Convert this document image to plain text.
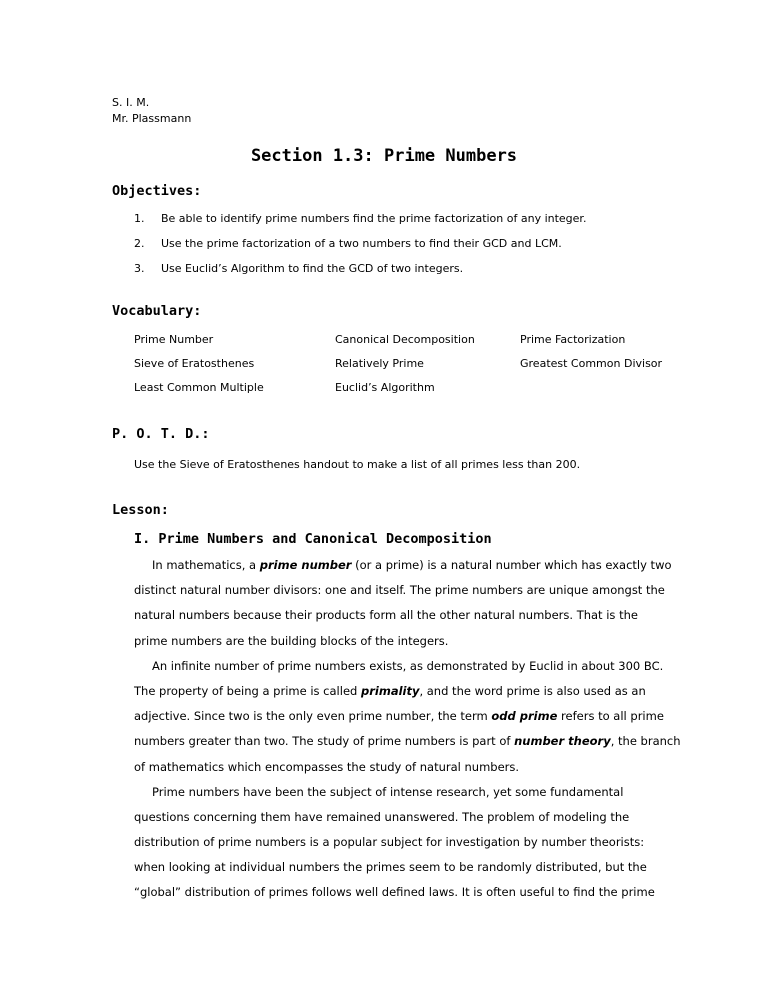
S. I. M.
Mr. Plassmann
Section 1.3: Prime Numbers
Objectives:
1. Be able to identify prime numbers find the prime factorization of any integer.
2. Use the prime factorization of a two numbers to find their GCD and LCM.
3. Use Euclid’s Algorithm to find the GCD of two integers.
Vocabulary:
Prime Number	Canonical Decomposition	Prime Factorization
Sieve of Eratosthenes	Relatively Prime	Greatest Common Divisor
Least Common Multiple	Euclid’s Algorithm
P. O. T. D.:
Use the Sieve of Eratosthenes handout to make a list of all primes less than 200.
Lesson:
I. Prime Numbers and Canonical Decomposition
In mathematics, a prime number (or a prime) is a natural number which has exactly two
distinct natural number divisors: one and itself. The prime numbers are unique amongst the
natural numbers because their products form all the other natural numbers. That is the
prime numbers are the building blocks of the integers.
An infinite number of prime numbers exists, as demonstrated by Euclid in about 300 BC.
The property of being a prime is called primality, and the word prime is also used as an
adjective. Since two is the only even prime number, the term odd prime refers to all prime
numbers greater than two. The study of prime numbers is part of number theory, the branch
of mathematics which encompasses the study of natural numbers.
Prime numbers have been the subject of intense research, yet some fundamental
questions concerning them have remained unanswered. The problem of modeling the
distribution of prime numbers is a popular subject for investigation by number theorists:
when looking at individual numbers the primes seem to be randomly distributed, but the
“global” distribution of primes follows well defined laws. It is often useful to find the prime
